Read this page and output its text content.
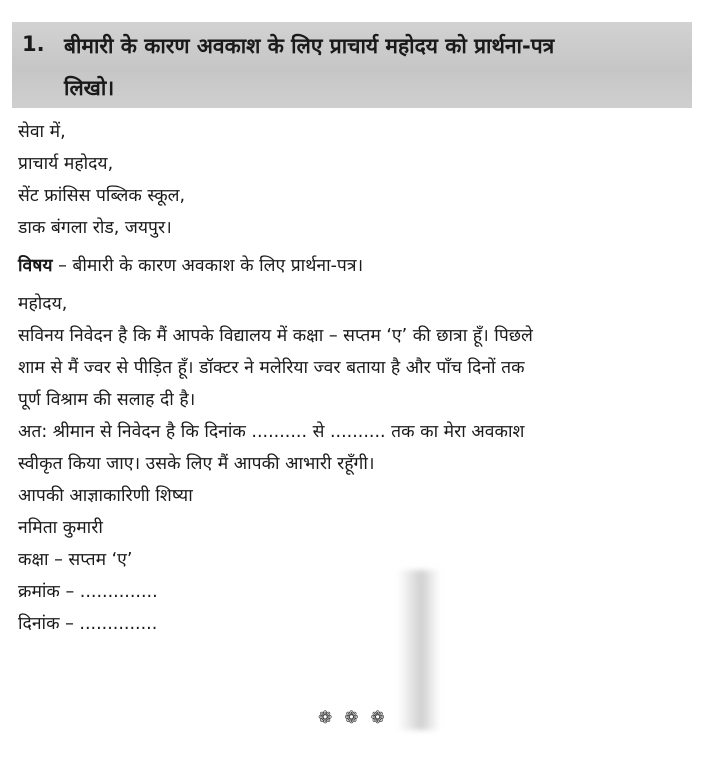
1. बीमारी के कारण अवकाश के लिए प्राचार्य महोदय को प्रार्थना-पत्र
लिखो।
सेवा में,
प्राचार्य महोदय,
सेंट फ्रांसिस पब्लिक स्कूल,
डाक बंगला रोड, जयपुर।
विषय – बीमारी के कारण अवकाश के लिए प्रार्थना-पत्र।
महोदय,
सविनय निवेदन है कि मैं आपके विद्यालय में कक्षा – सप्तम ‘ए’ की छात्रा हूँ। पिछले
शाम से मैं ज्वर से पीड़ित हूँ। डॉक्टर ने मलेरिया ज्वर बताया है और पाँच दिनों तक
पूर्ण विश्राम की सलाह दी है।
अत: श्रीमान से निवेदन है कि दिनांक .......... से .......... तक का मेरा अवकाश
स्वीकृत किया जाए। उसके लिए मैं आपकी आभारी रहूँगी।
आपकी आज्ञाकारिणी शिष्या
नमिता कुमारी
कक्षा – सप्तम ‘ए’
क्रमांक – ..............
दिनांक – ..............
❁❁❁
